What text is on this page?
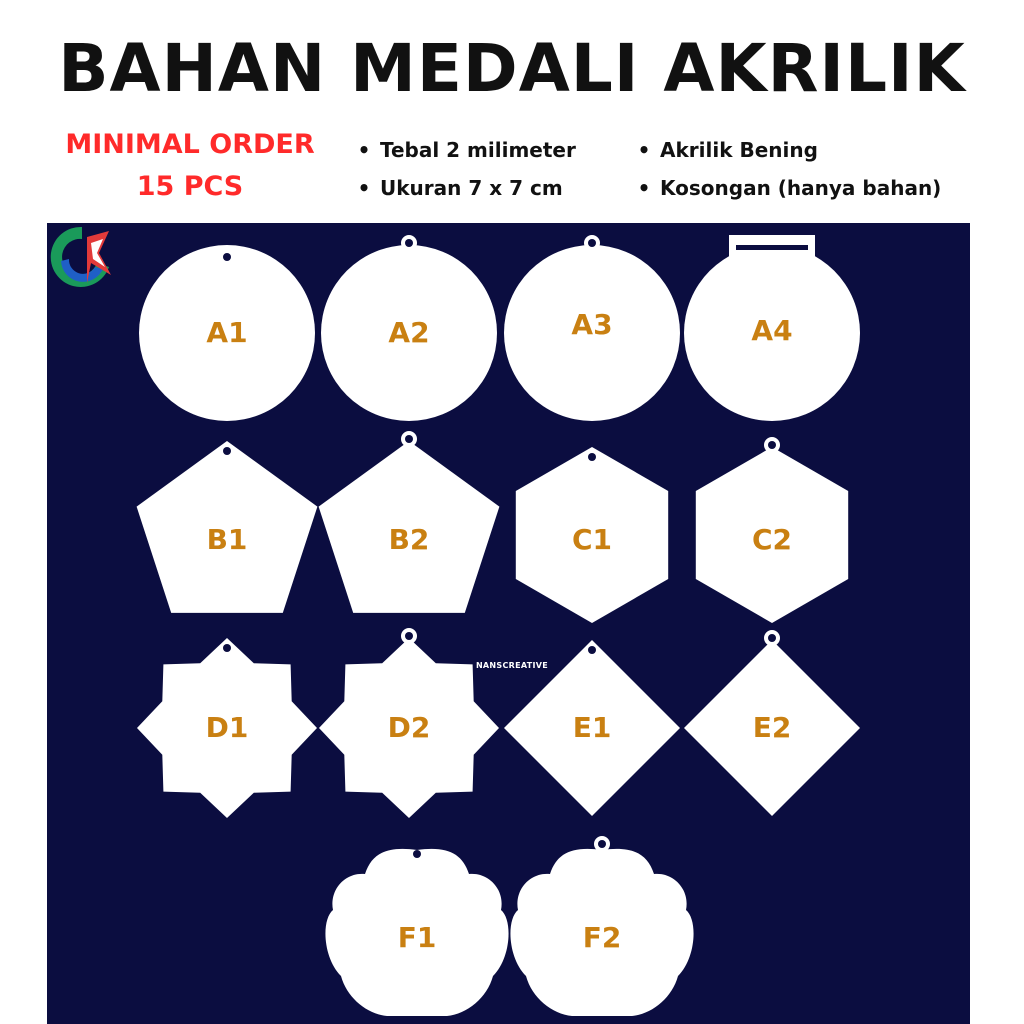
BAHAN MEDALI AKRILIK
MINIMAL ORDER
15 PCS
• Tebal 2 milimeter
• Ukuran 7 x 7 cm
• Akrilik Bening
• Kosongan (hanya bahan)
A1	A2	A3	A4
B1	B2	C1	C2
D1	D2	E1	E2
F1	F2
NANSCREATIVE
